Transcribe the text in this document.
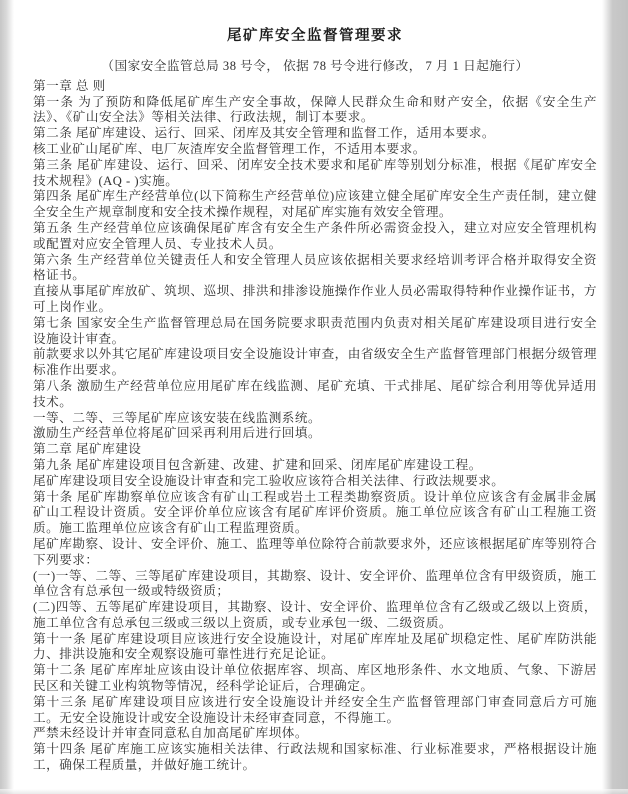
尾矿库安全监督管理要求

（国家安全监管总局 38 号令， 依据 78 号令进行修改， 7 月 1 日起施行）

第一章 总 则

第一条 为了预防和降低尾矿库生产安全事故，保障人民群众生命和财产安全，依据《安全生产法》、《矿山安全法》等相关法律、行政法规，制订本要求。

第二条 尾矿库建设、运行、回采、闭库及其安全管理和监督工作，适用本要求。

核工业矿山尾矿库、电厂灰渣库安全监督管理工作，不适用本要求。

第三条 尾矿库建设、运行、回采、闭库安全技术要求和尾矿库等别划分标准，根据《尾矿库安全技术规程》(AQ - )实施。

第四条 尾矿库生产经营单位(以下简称生产经营单位)应该建立健全尾矿库安全生产责任制，建立健全安全生产规章制度和安全技术操作规程，对尾矿库实施有效安全管理。

第五条 生产经营单位应该确保尾矿库含有安全生产条件所必需资金投入，建立对应安全管理机构或配置对应安全管理人员、专业技术人员。

第六条 生产经营单位关键责任人和安全管理人员应该依据相关要求经培训考评合格并取得安全资格证书。

直接从事尾矿库放矿、筑坝、巡坝、排洪和排渗设施操作作业人员必需取得特种作业操作证书，方可上岗作业。

第七条 国家安全生产监督管理总局在国务院要求职责范围内负责对相关尾矿库建设项目进行安全设施设计审查。

前款要求以外其它尾矿库建设项目安全设施设计审查，由省级安全生产监督管理部门根据分级管理标准作出要求。

第八条 激励生产经营单位应用尾矿库在线监测、尾矿充填、干式排尾、尾矿综合利用等优异适用技术。

一等、二等、三等尾矿库应该安装在线监测系统。

激励生产经营单位将尾矿回采再利用后进行回填。

第二章 尾矿库建设

第九条 尾矿库建设项目包含新建、改建、扩建和回采、闭库尾矿库建设工程。

尾矿库建设项目安全设施设计审查和完工验收应该符合相关法律、行政法规要求。

第十条 尾矿库勘察单位应该含有矿山工程或岩土工程类勘察资质。设计单位应该含有金属非金属矿山工程设计资质。安全评价单位应该含有尾矿库评价资质。施工单位应该含有矿山工程施工资质。施工监理单位应该含有矿山工程监理资质。

尾矿库勘察、设计、安全评价、施工、监理等单位除符合前款要求外，还应该根据尾矿库等别符合下列要求：

(一)一等、二等、三等尾矿库建设项目，其勘察、设计、安全评价、监理单位含有甲级资质，施工单位含有总承包一级或特级资质；

(二)四等、五等尾矿库建设项目，其勘察、设计、安全评价、监理单位含有乙级或乙级以上资质，施工单位含有总承包三级或三级以上资质，或专业承包一级、二级资质。

第十一条 尾矿库建设项目应该进行安全设施设计，对尾矿库库址及尾矿坝稳定性、尾矿库防洪能力、排洪设施和安全观察设施可靠性进行充足论证。

第十二条 尾矿库库址应该由设计单位依据库容、坝高、库区地形条件、水文地质、气象、下游居民区和关键工业构筑物等情况，经科学论证后，合理确定。

第十三条 尾矿库建设项目应该进行安全设施设计并经安全生产监督管理部门审查同意后方可施工。无安全设施设计或安全设施设计未经审查同意，不得施工。

严禁未经设计并审查同意私自加高尾矿库坝体。

第十四条 尾矿库施工应该实施相关法律、行政法规和国家标准、行业标准要求，严格根据设计施工，确保工程质量，并做好施工统计。
